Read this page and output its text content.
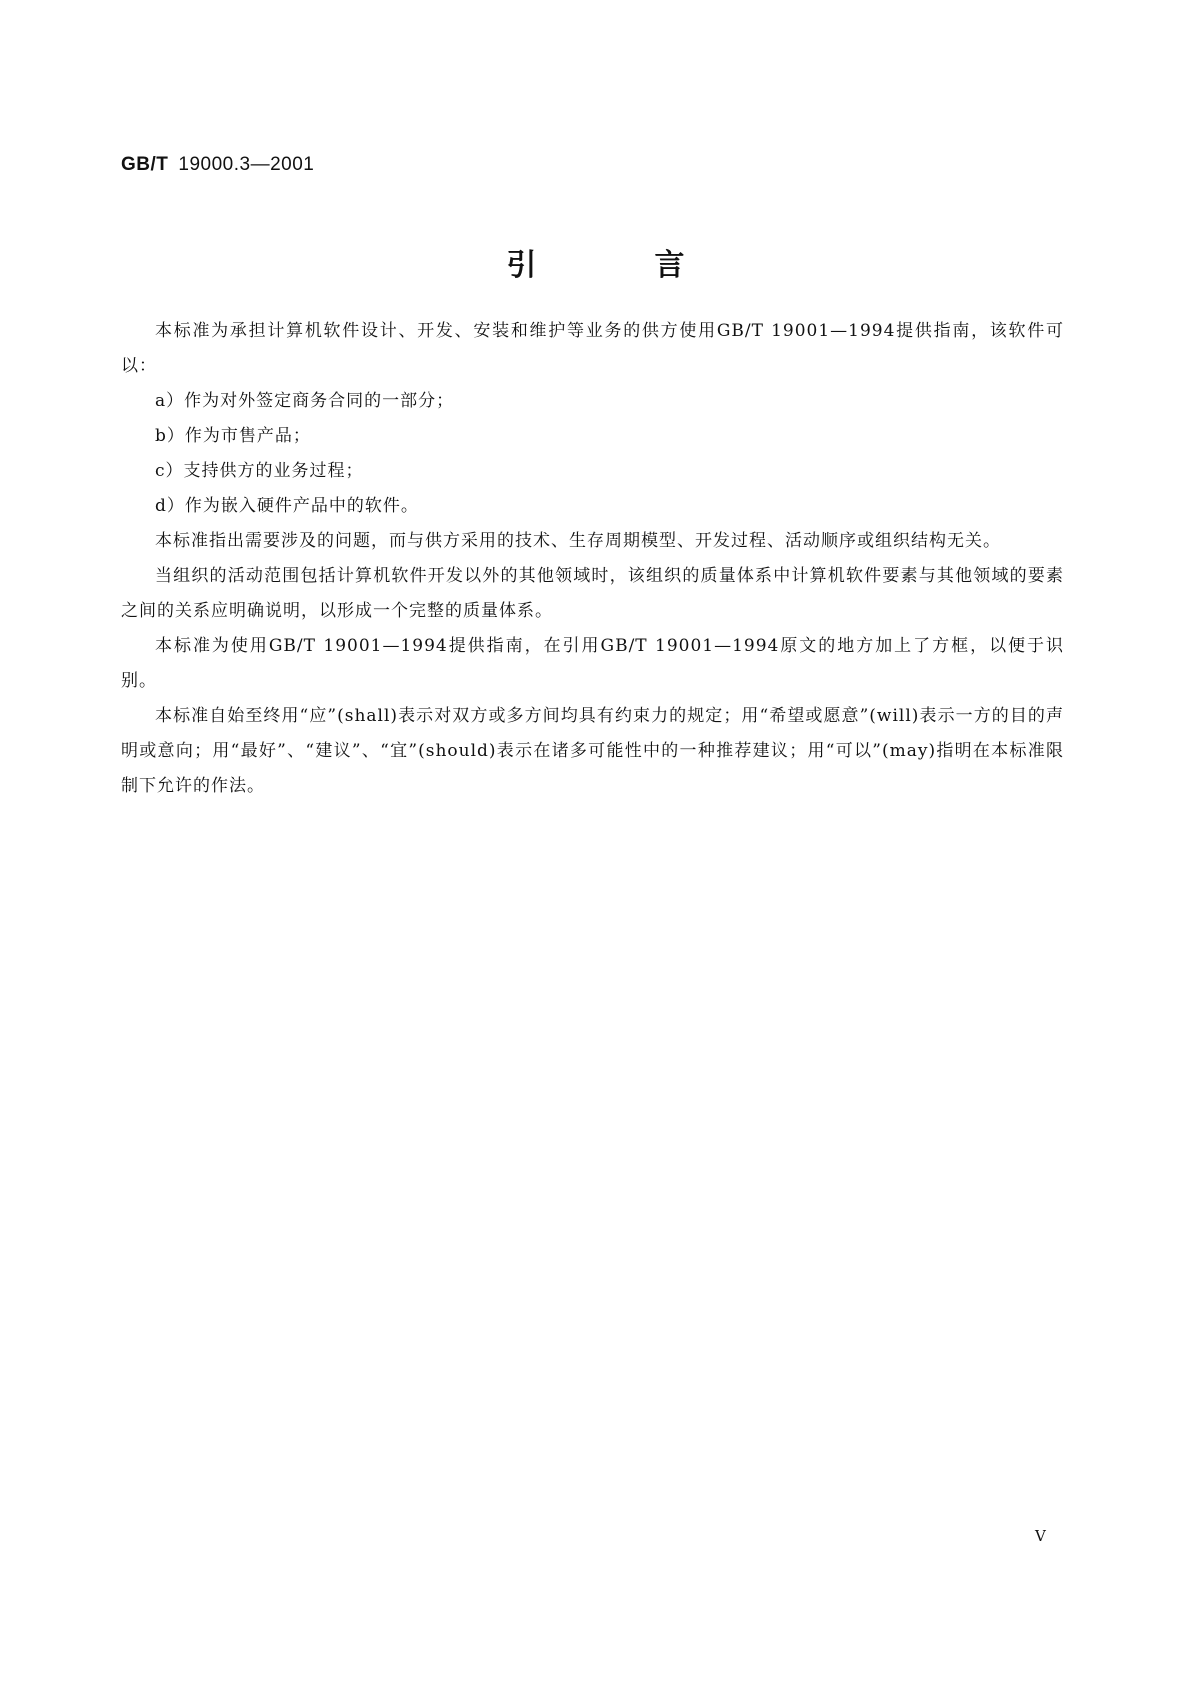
GB/T 19000.3—2001
引言

本标准为承担计算机软件设计、开发、安装和维护等业务的供方使用GB/T 19001—1994提供指南，该软件可以：

a）作为对外签定商务合同的一部分；

b）作为市售产品；

c）支持供方的业务过程；

d）作为嵌入硬件产品中的软件。

本标准指出需要涉及的问题，而与供方采用的技术、生存周期模型、开发过程、活动顺序或组织结构无关。

当组织的活动范围包括计算机软件开发以外的其他领域时，该组织的质量体系中计算机软件要素与其他领域的要素之间的关系应明确说明，以形成一个完整的质量体系。

本标准为使用GB/T 19001—1994提供指南，在引用GB/T 19001—1994原文的地方加上了方框，以便于识别。

本标准自始至终用“应”(shall)表示对双方或多方间均具有约束力的规定；用“希望或愿意”(will)表示一方的目的声明或意向；用“最好”、“建议”、“宜”(should)表示在诸多可能性中的一种推荐建议；用“可以”(may)指明在本标准限制下允许的作法。

V
